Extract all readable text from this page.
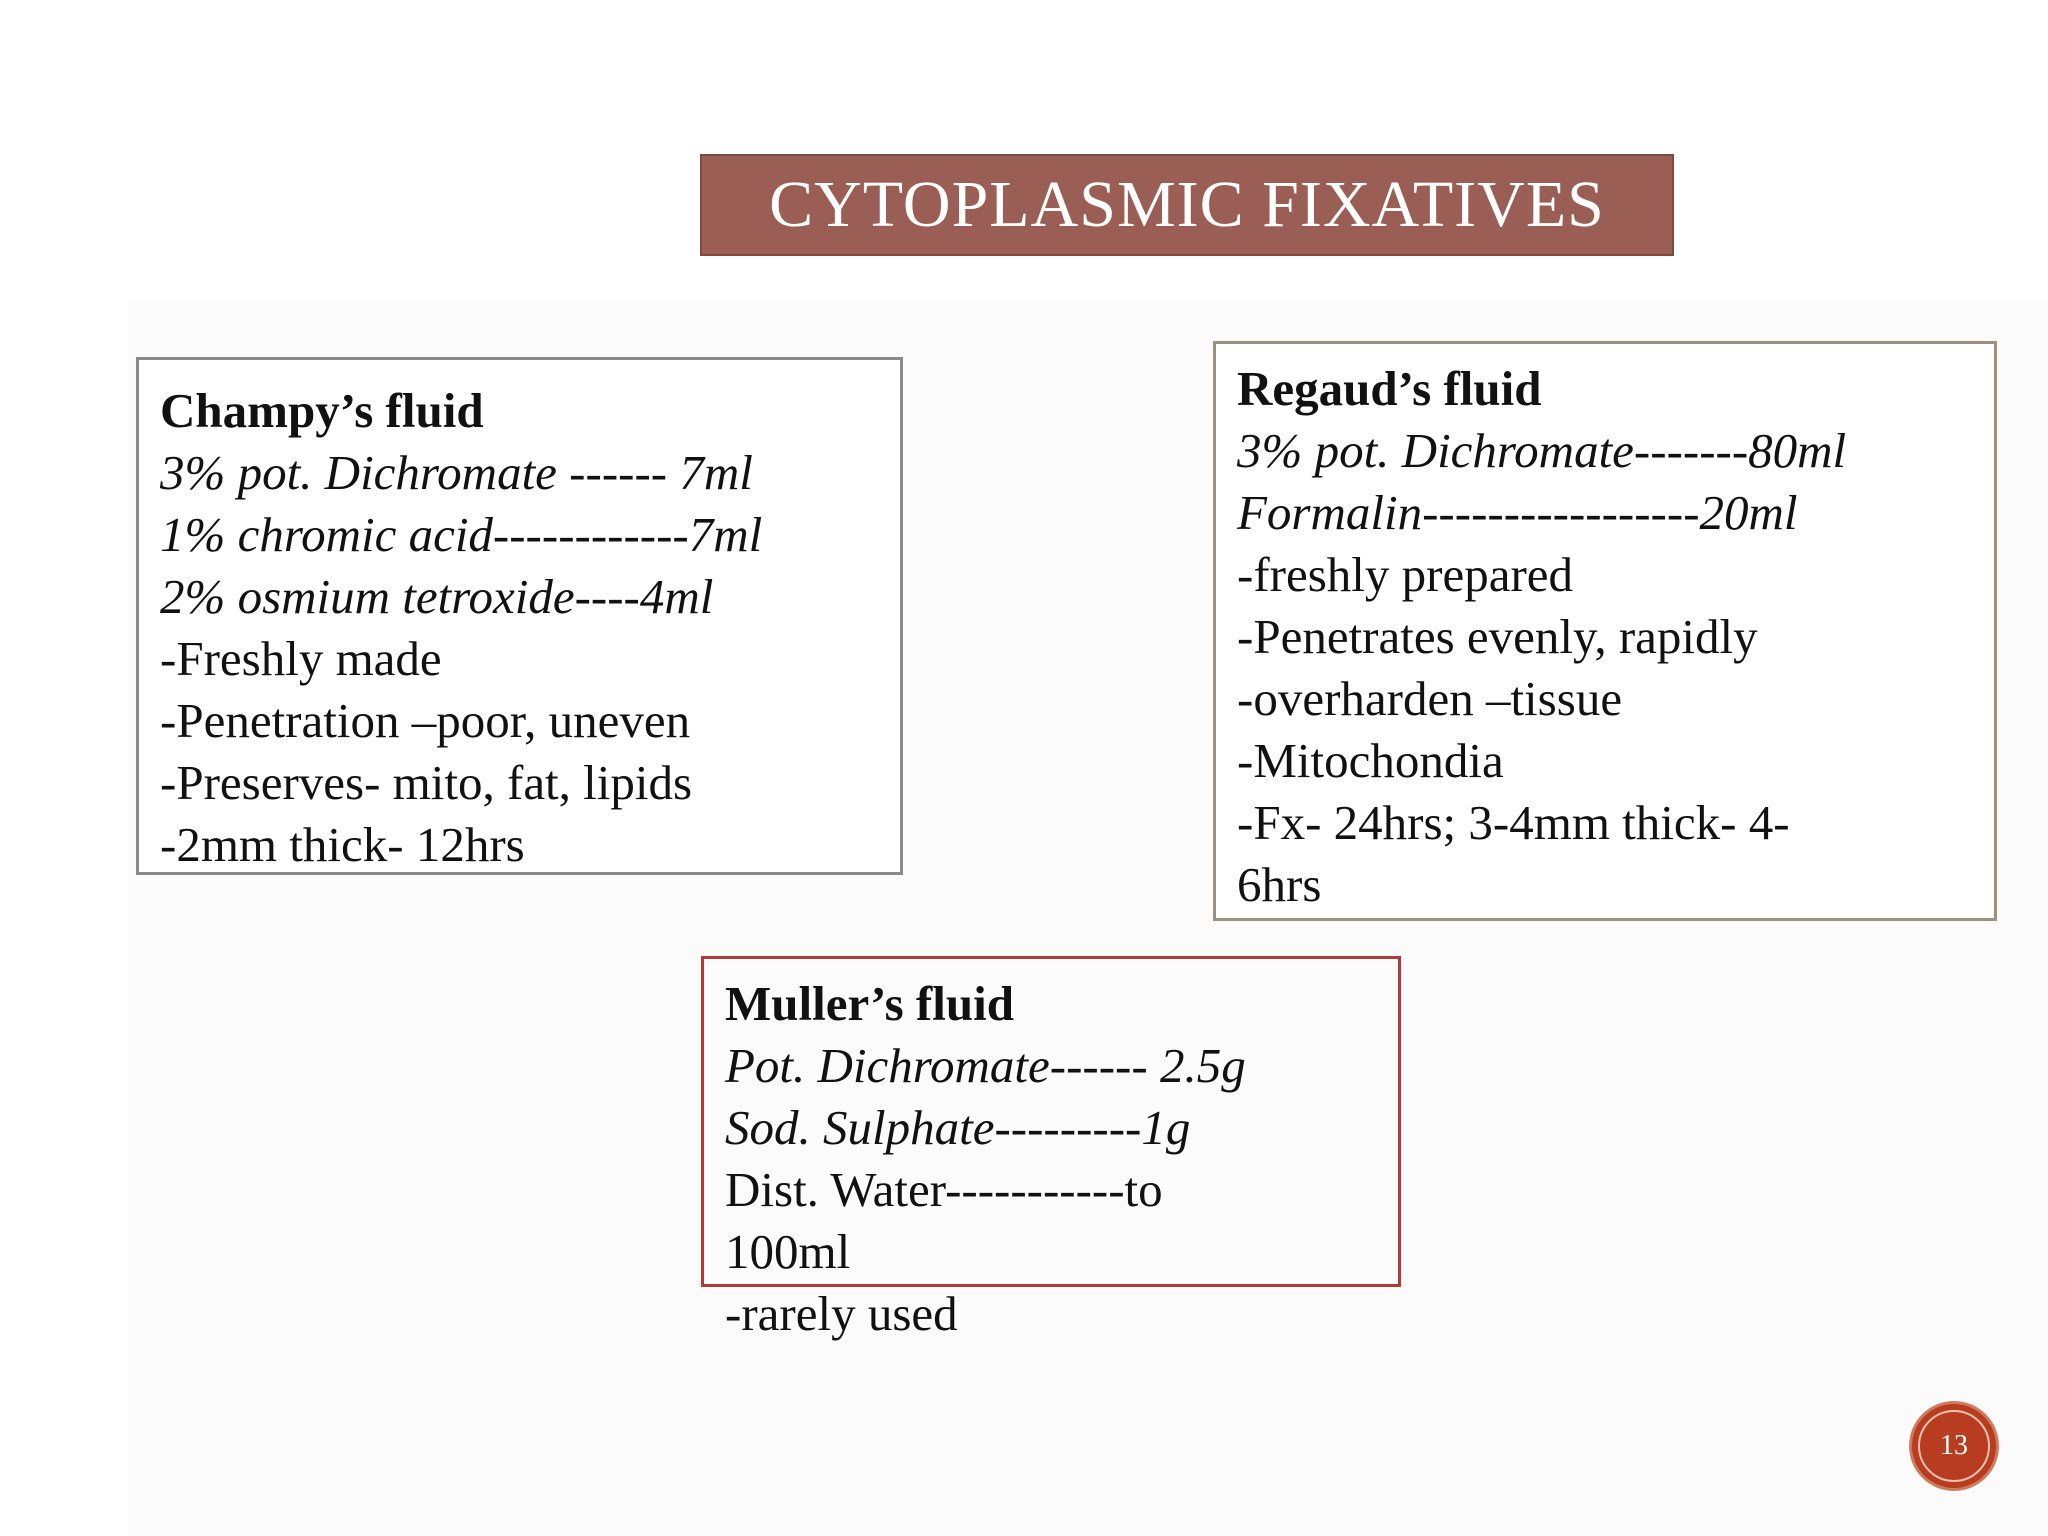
CYTOPLASMIC FIXATIVES
Champy’s fluid
3% pot. Dichromate ------ 7ml
1% chromic acid------------7ml
2% osmium tetroxide----4ml
-Freshly made
-Penetration –poor, uneven
-Preserves- mito, fat, lipids
-2mm thick- 12hrs
Regaud’s fluid
3% pot. Dichromate-------80ml
Formalin-----------------20ml
-freshly prepared
-Penetrates evenly, rapidly
-overharden –tissue
-Mitochondia
-Fx- 24hrs; 3-4mm thick- 4-
6hrs
Muller’s fluid
Pot. Dichromate------ 2.5g
Sod. Sulphate---------1g
Dist. Water-----------to
100ml
-rarely used
13
